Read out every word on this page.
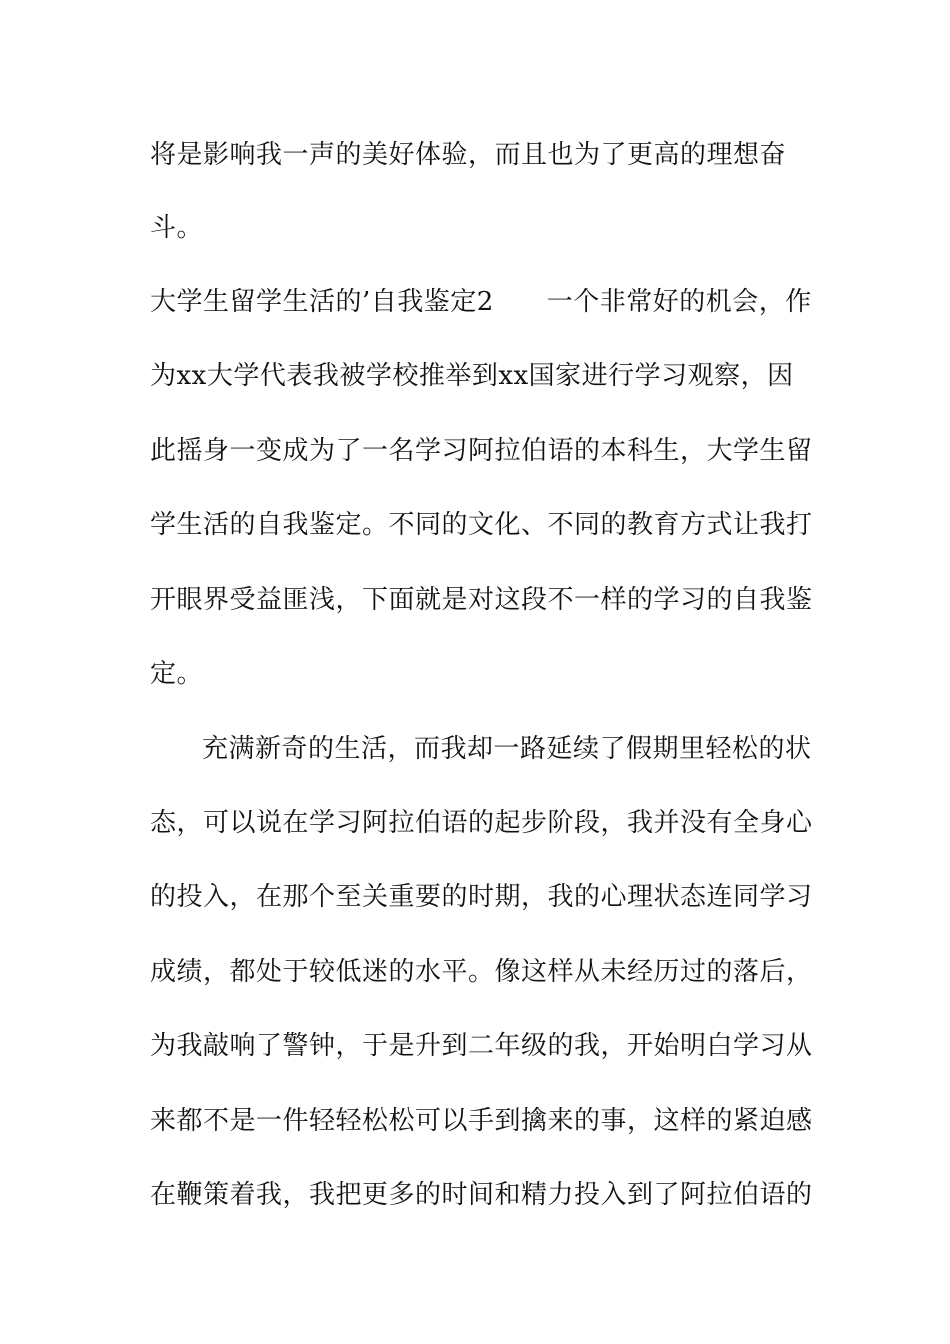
将是影响我一声的美好体验，而且也为了更高的理想奋
斗。
大学生留学生活的’自我鉴定2　　一个非常好的机会，作
为xx大学代表我被学校推举到xx国家进行学习观察，因
此摇身一变成为了一名学习阿拉伯语的本科生，大学生留
学生活的自我鉴定。不同的文化、不同的教育方式让我打
开眼界受益匪浅，下面就是对这段不一样的学习的自我鉴
定。
充满新奇的生活，而我却一路延续了假期里轻松的状
态，可以说在学习阿拉伯语的起步阶段，我并没有全身心
的投入，在那个至关重要的时期，我的心理状态连同学习
成绩，都处于较低迷的水平。像这样从未经历过的落后，
为我敲响了警钟，于是升到二年级的我，开始明白学习从
来都不是一件轻轻松松可以手到擒来的事，这样的紧迫感
在鞭策着我，我把更多的时间和精力投入到了阿拉伯语的
